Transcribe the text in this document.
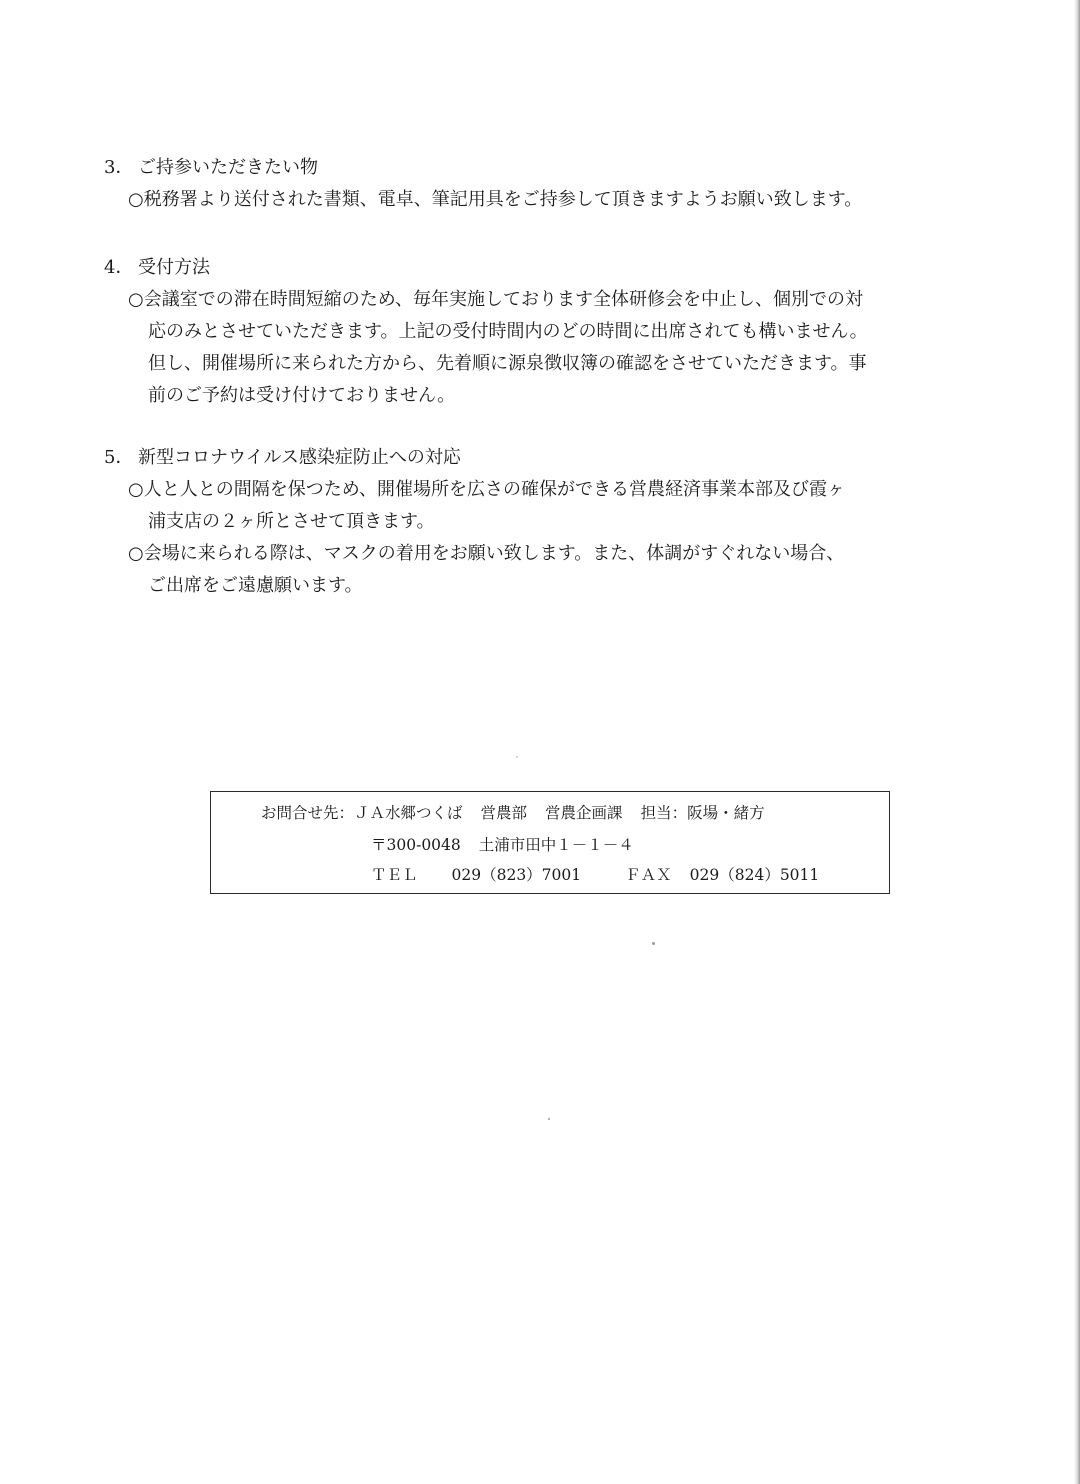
3． ご持参いただきたい物
○税務署より送付された書類、電卓、筆記用具をご持参して頂きますようお願い致します。
4． 受付方法
○会議室での滞在時間短縮のため、毎年実施しております全体研修会を中止し、個別での対
応のみとさせていただきます。上記の受付時間内のどの時間に出席されても構いません。
但し、開催場所に来られた方から、先着順に源泉徴収簿の確認をさせていただきます。事
前のご予約は受け付けておりません。
5． 新型コロナウイルス感染症防止への対応
○人と人との間隔を保つため、開催場所を広さの確保ができる営農経済事業本部及び霞ヶ
浦支店の２ヶ所とさせて頂きます。
○会場に来られる際は、マスクの着用をお願い致します。また、体調がすぐれない場合、
ご出席をご遠慮願います。
お問合せ先：ＪＡ水郷つくば 営農部 営農企画課 担当：阪場・緒方
〒300-0048 土浦市田中１－１－４
ＴＥＬ 029（823）7001	ＦＡＸ 029（824）5011
